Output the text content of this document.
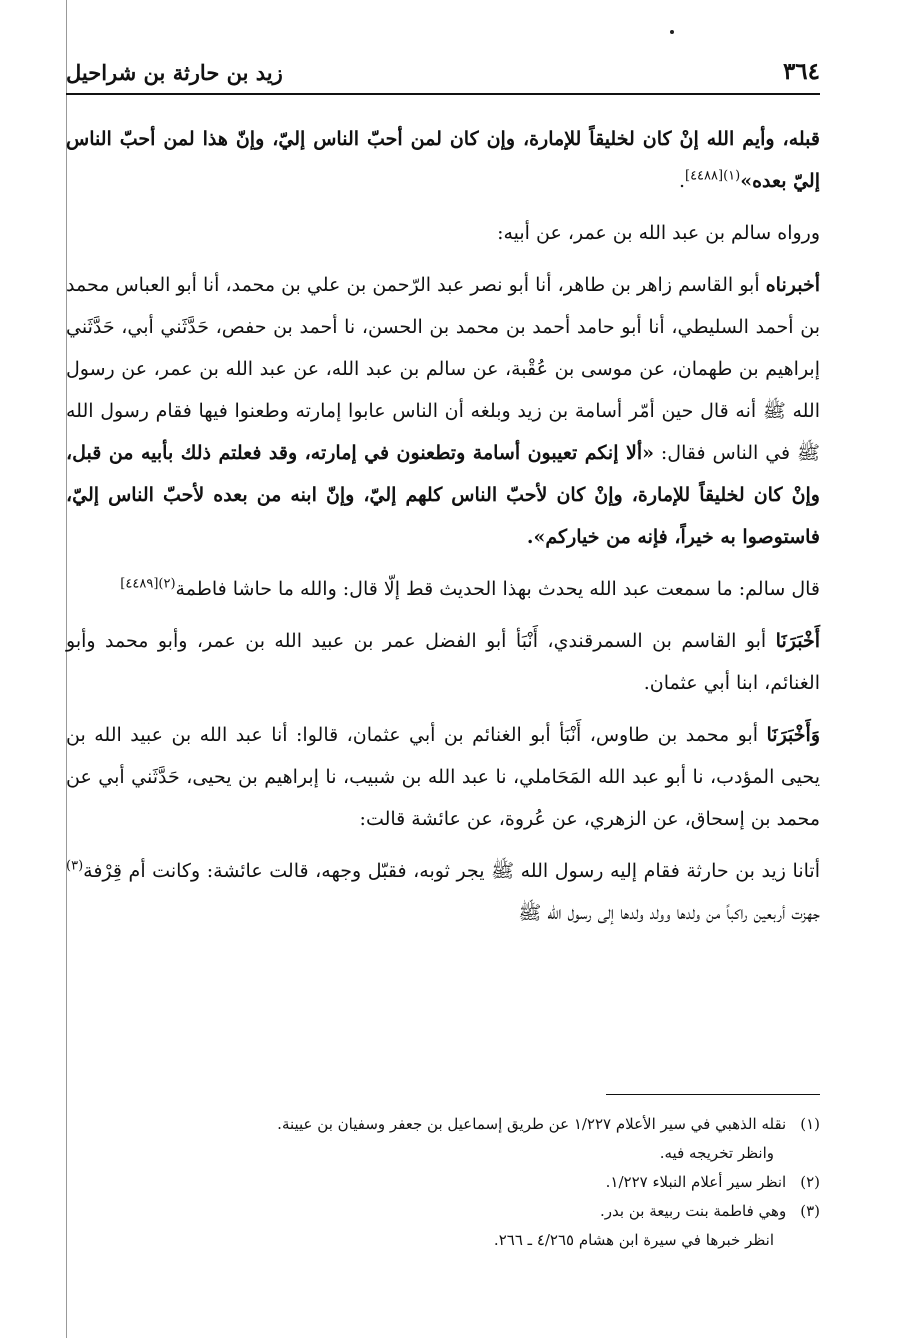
زيد بن حارثة بن شراحيل	٣٦٤

قبله، وأيم الله إنْ كان لخليقاً للإمارة، وإن كان لمن أحبّ الناس إليّ، وإنّ هذا لمن أحبّ الناس إليّ بعده»$^{(١)[٤٤٨٨]}$.

ورواه سالم بن عبد الله بن عمر، عن أبيه:

أخبرناه أبو القاسم زاهر بن طاهر، أنا أبو نصر عبد الرّحمن بن علي بن محمد، أنا أبو العباس محمد بن أحمد السليطي، أنا أبو حامد أحمد بن محمد بن الحسن، نا أحمد بن حفص، حَدَّثَني أبي، حَدَّثَني إبراهيم بن طهمان، عن موسى بن عُقْبة، عن سالم بن عبد الله، عن عبد الله بن عمر، عن رسول الله ﷺ أنه قال حين أمّر أسامة بن زيد وبلغه أن الناس عابوا إمارته وطعنوا فيها فقام رسول الله ﷺ في الناس فقال: «ألا إنكم تعيبون أسامة وتطعنون في إمارته، وقد فعلتم ذلك بأبيه من قبل، وإنْ كان لخليقاً للإمارة، وإنْ كان لأحبّ الناس كلهم إليّ، وإنّ ابنه من بعده لأحبّ الناس إليّ، فاستوصوا به خيراً، فإنه من خياركم».

قال سالم: ما سمعت عبد الله يحدث بهذا الحديث قط إلّا قال: والله ما حاشا فاطمة$^{(٢)[٤٤٨٩]}$

أَخْبَرَنَا أبو القاسم بن السمرقندي، أَنْبَأ أبو الفضل عمر بن عبيد الله بن عمر، وأبو محمد وأبو الغنائم، ابنا أبي عثمان.

وَأَخْبَرَنَا أبو محمد بن طاوس، أَنْبَأ أبو الغنائم بن أبي عثمان، قالوا: أنا عبد الله بن عبيد الله بن يحيى المؤدب، نا أبو عبد الله المَحَاملي، نا عبد الله بن شبيب، نا إبراهيم بن يحيى، حَدَّثَني أبي عن محمد بن إسحاق، عن الزهري، عن عُروة، عن عائشة قالت:

أتانا زيد بن حارثة فقام إليه رسول الله ﷺ يجر ثوبه، فقبّل وجهه، قالت عائشة: وكانت أم قِرْفة$^{(٣)}$ جهزت أربعين راكباً من ولدها وولد ولدها إلى رسول الله ﷺ

(١)
نقله الذهبي في سير الأعلام ١/٢٢٧ عن طريق إسماعيل بن جعفر وسفيان بن عيينة.
وانظر تخريجه فيه.
(٢)
انظر سير أعلام النبلاء ١/٢٢٧.
(٣)
وهي فاطمة بنت ربيعة بن بدر.
انظر خبرها في سيرة ابن هشام ٤/٢٦٥ ـ ٢٦٦.
